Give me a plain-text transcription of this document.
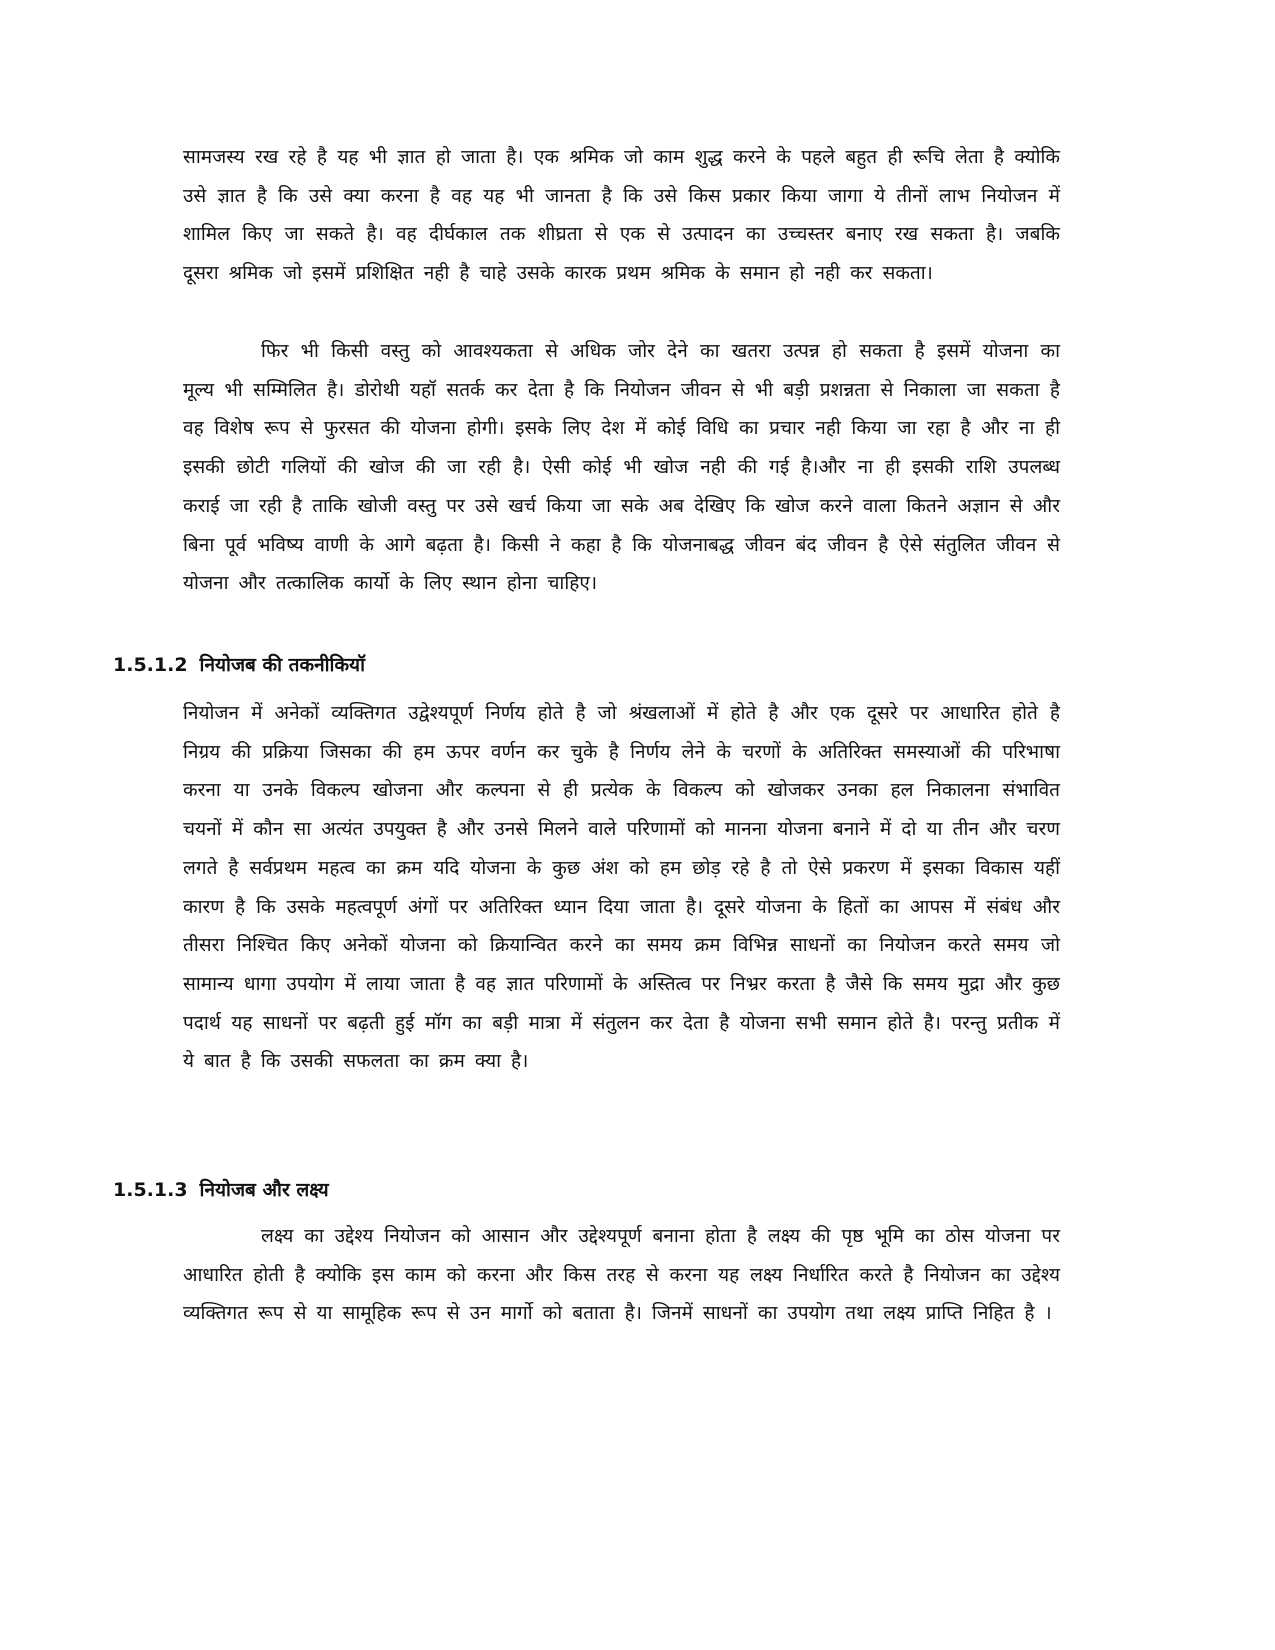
सामजस्य रख रहे है यह भी ज्ञात हो जाता है। एक श्रमिक जो काम शुद्ध करने के पहले बहुत ही रूचि लेता है क्योकि उसे ज्ञात है कि उसे क्या करना है वह यह भी जानता है कि उसे किस प्रकार किया जागा ये तीनों लाभ नियोजन में शामिल किए जा सकते है। वह दीर्घकाल तक शीघ्रता से एक से उत्पादन का उच्चस्तर बनाए रख सकता है। जबकि दूसरा श्रमिक जो इसमें प्रशिक्षित नही है चाहे उसके कारक प्रथम श्रमिक के समान हो नही कर सकता।

फिर भी किसी वस्तु को आवश्यकता से अधिक जोर देने का खतरा उत्पन्न हो सकता है इसमें योजना का मूल्य भी सम्मिलित है। डोरोथी यहॉ सतर्क कर देता है कि नियोजन जीवन से भी बड़ी प्रशन्नता से निकाला जा सकता है वह विशेष रूप से फुरसत की योजना होगी। इसके लिए देश में कोई विधि का प्रचार नही किया जा रहा है और ना ही इसकी छोटी गलियों की खोज की जा रही है। ऐसी कोई भी खोज नही की गई है।और ना ही इसकी राशि उपलब्ध कराई जा रही है ताकि खोजी वस्तु पर उसे खर्च किया जा सके अब देखिए कि खोज करने वाला कितने अज्ञान से और बिना पूर्व भविष्य वाणी के आगे बढ़ता है। किसी ने कहा है कि योजनाबद्ध जीवन बंद जीवन है ऐसे संतुलित जीवन से योजना और तत्कालिक कार्यो के लिए स्थान होना चाहिए।

1.5.1.2 नियोजब की तकनीकियॉ

नियोजन में अनेकों व्यक्तिगत उद्वेश्यपूर्ण निर्णय होते है जो श्रंखलाओं में होते है और एक दूसरे पर आधारित होते है निग्रय की प्रक्रिया जिसका की हम ऊपर वर्णन कर चुके है निर्णय लेने के चरणों के अतिरिक्त समस्याओं की परिभाषा करना या उनके विकल्प खोजना और कल्पना से ही प्रत्येक के विकल्प को खोजकर उनका हल निकालना संभावित चयनों में कौन सा अत्यंत उपयुक्त है और उनसे मिलने वाले परिणामों को मानना योजना बनाने में दो या तीन और चरण लगते है सर्वप्रथम महत्व का क्रम यदि योजना के कुछ अंश को हम छोड़ रहे है तो ऐसे प्रकरण में इसका विकास यहीं कारण है कि उसके महत्वपूर्ण अंगों पर अतिरिक्त ध्यान दिया जाता है। दूसरे योजना के हितों का आपस में संबंध और तीसरा निश्चित किए अनेकों योजना को क्रियान्वित करने का समय क्रम विभिन्न साधनों का नियोजन करते समय जो सामान्य धागा उपयोग में लाया जाता है वह ज्ञात परिणामों के अस्तित्व पर निभ्रर करता है जैसे कि समय मुद्रा और कुछ पदार्थ यह साधनों पर बढ़ती हुई मॉग का बड़ी मात्रा में संतुलन कर देता है योजना सभी समान होते है। परन्तु प्रतीक में ये बात है कि उसकी सफलता का क्रम क्या है।

1.5.1.3 नियोजब और लक्ष्य

लक्ष्य का उद्देश्य नियोजन को आसान और उद्देश्यपूर्ण बनाना होता है लक्ष्य की पृष्ठ भूमि का ठोस योजना पर आधारित होती है क्योकि इस काम को करना और किस तरह से करना यह लक्ष्य निर्धारित करते है नियोजन का उद्देश्य व्यक्तिगत रूप से या सामूहिक रूप से उन मार्गो को बताता है। जिनमें साधनों का उपयोग तथा लक्ष्य प्राप्ति निहित है ।
